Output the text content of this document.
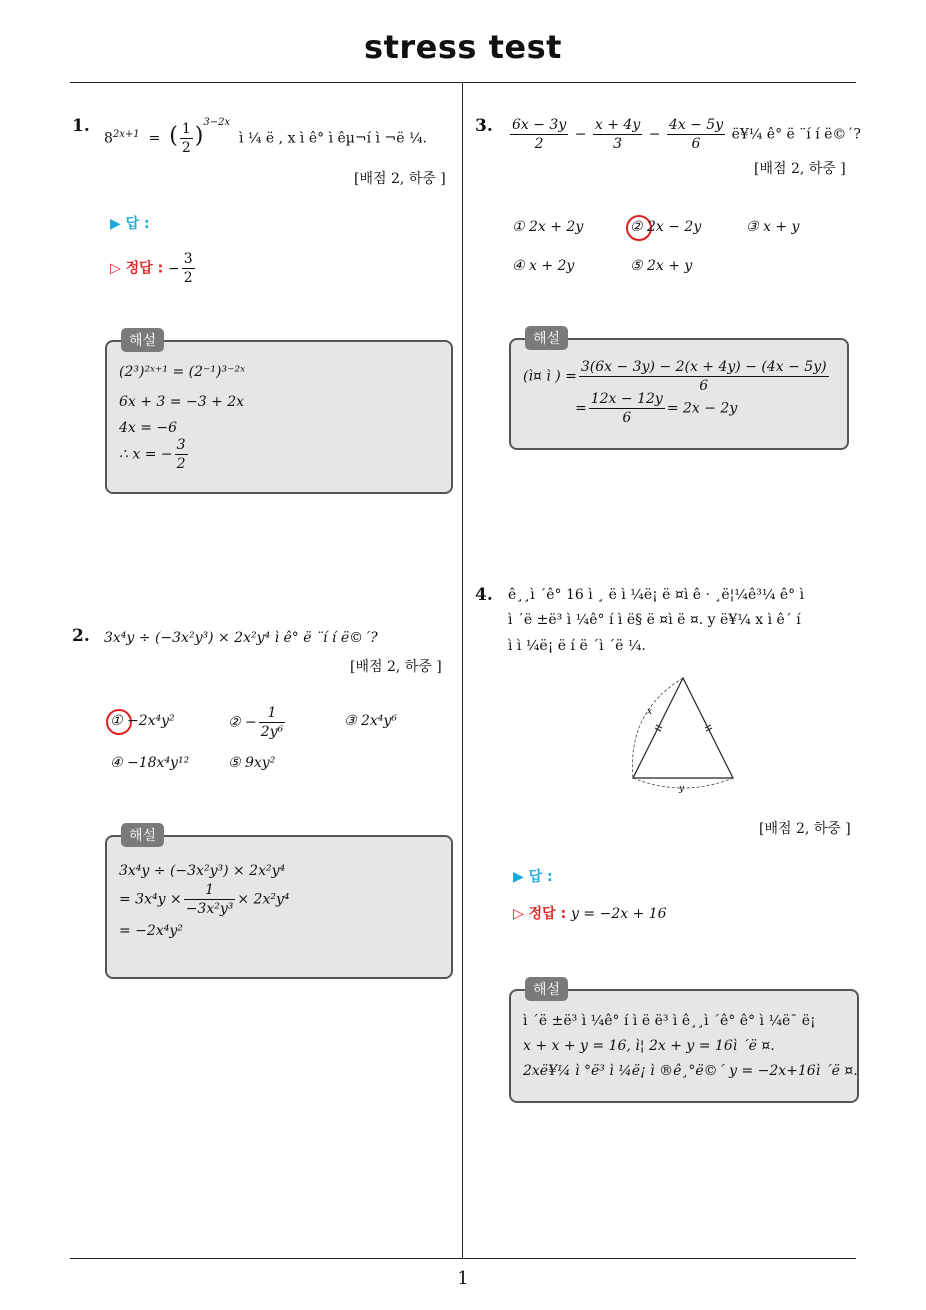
stress test
1
1.
$8^{2x+1}$ = ( $\frac{1}{2} )^{3-2x}$  ì ¼ ë , x ì ê° ì êµ¬í ì ¬ë ¼.
[배점 2, 하중 ]
▶ 답 :
▷ 정답 : − $\frac{3}{2}$
해설
(2³)²ˣ⁺¹ = (2⁻¹)³⁻²ˣ
6x + 3 = −3 + 2x
4x = −6
∴ x = − $\frac{3}{2}$
2. 3x⁴y ÷ (−3x²y³) × 2x²y⁴ ì ê° ë ¨í í ë©´?
[배점 2, 하중 ]
① −2x⁴y²	② − $\frac{1}{\text{2y⁶}}$	③ 2x⁴y⁶
④ −18x⁴y¹²	⑤ 9xy²
해설
3x⁴y ÷ (−3x²y³) × 2x²y⁴
= $3x^4y \times \frac{1}{\text{−3x²y³}} \times 2x^2y^4$
= −2x⁴y²
3. $\frac{6x - 3y}{2} - \frac{x + 4y}{3} - \frac{4x - 5y}{6}$ ë¥¼ ê° ë ¨í í ë©´?
[배점 2, 하중 ]
① 2x + 2y	② 2x − 2y	③ x + y
④ x + 2y	⑤ 2x + y
해설
(ì¤ ì ) = $\frac{3(6x - 3y) - 2(x + 4y) - (4x - 5y)}{6}$
= $\frac{12x - 12y}{6} = 2x - 2y$
4. ê¸¸ì ´ê° 16 ì ¸ ë ì ¼ë¡ ë ¤ì ê · ¸ë¦¼ê³¼ ê° ì
ì ´ë ±ë³ ì ¼ê° í ì ë§ ë ¤ì ë ¤. y ë¥¼ x ì ê´ í
ì ì ¼ë¡ ë í ë ´ì ´ë ¼.
x
y
[배점 2, 하중 ]
▶ 답 :
▷ 정답 : y = −2x + 16
해설
ì ´ë ±ë³ ì ¼ê° í ì ë ë³ ì ê¸¸ì ´ê° ê° ì ¼ë¯ ë¡
x + x + y = 16, ì¦ 2x + y = 16ì ´ë ¤.
2xë¥¼ ì °ë³ ì ¼ë¡ ì ®ê¸°ë©´ y = −2x+16ì ´ë ¤.
